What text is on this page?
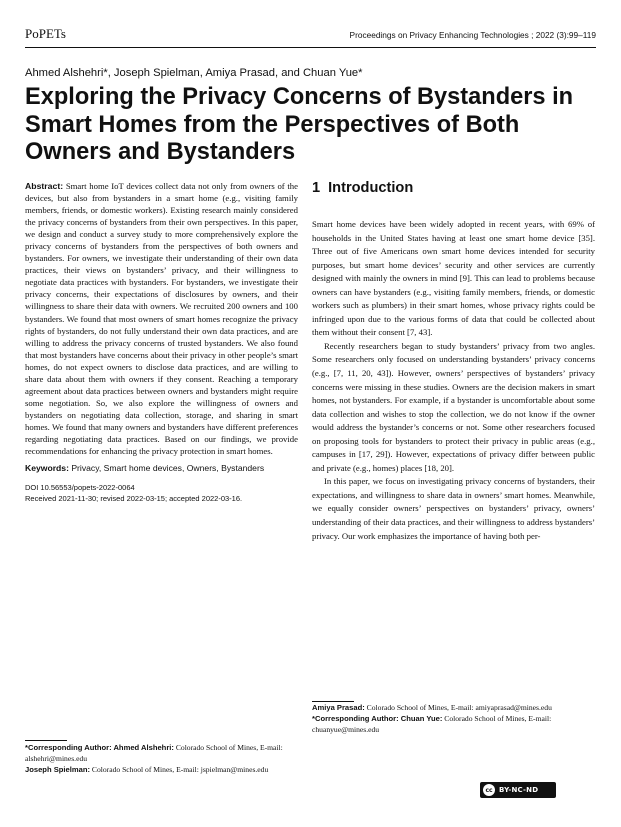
PoPETs	Proceedings on Privacy Enhancing Technologies ; 2022 (3):99–119
Ahmed Alshehri*, Joseph Spielman, Amiya Prasad, and Chuan Yue*
Exploring the Privacy Concerns of Bystanders in Smart Homes from the Perspectives of Both Owners and Bystanders

Abstract: Smart home IoT devices collect data not only from owners of the devices, but also from bystanders in a smart home (e.g., visiting family members, friends, or domestic workers). Existing research mainly considered the privacy concerns of bystanders from their own perspectives. In this paper, we design and conduct a survey study to more comprehensively explore the privacy concerns of bystanders from the perspectives of both owners and bystanders. For owners, we investigate their understanding of their own data practices, their views on bystanders’ privacy, and their willingness to negotiate data practices with bystanders. For bystanders, we investigate their privacy concerns, their expectations of disclosures by owners, and their willingness to share their data with owners. We recruited 200 owners and 100 bystanders. We found that most owners of smart homes recognize the privacy rights of bystanders, do not fully understand their own data practices, and are willing to address the privacy concerns of trusted bystanders. We also found that most bystanders have concerns about their privacy in other people’s smart homes, do not expect owners to disclose data practices, and are willing to share data about them with owners if they consent. Reaching a temporary agreement about data practices between owners and bystanders might require some negotiation. So, we also explore the willingness of owners and bystanders on negotiating data collection, storage, and sharing in smart homes. We found that many owners and bystanders have different preferences regarding negotiating data practices. Based on our findings, we provide recommendations for enhancing the privacy protection in smart homes.

Keywords: Privacy, Smart home devices, Owners, Bystanders

DOI 10.56553/popets-2022-0064
Received 2021-11-30; revised 2022-03-15; accepted 2022-03-16.
1 Introduction

Smart home devices have been widely adopted in recent years, with 69% of households in the United States having at least one smart home device [35]. Three out of five Americans own smart home devices intended for security purposes, but smart home devices’ security and other services are currently designed with mainly the owners in mind [9]. This can lead to problems because owners can have bystanders (e.g., visiting family members, friends, or domestic workers such as plumbers) in their smart homes, whose privacy rights could be infringed upon due to the various forms of data that could be collected about them without their consent [7, 43].

Recently researchers began to study bystanders’ privacy from two angles. Some researchers only focused on understanding bystanders’ privacy concerns (e.g., [7, 11, 20, 43]). However, owners’ perspectives of bystanders’ privacy concerns were missing in these studies. Owners are the decision makers in smart homes, not bystanders. For example, if a bystander is uncomfortable about some data collection and wishes to stop the collection, we do not know if the owner would address the bystander’s concerns or not. Some other researchers focused on proposing tools for bystanders to protect their privacy in public areas (e.g., campuses in [17, 29]). However, expectations of privacy differ between public and private (e.g., homes) places [18, 20].

In this paper, we focus on investigating privacy concerns of bystanders, their expectations, and willingness to share data in owners’ smart homes. Meanwhile, we equally consider owners’ perspectives on bystanders’ privacy, owners’ understanding of their data practices, and their willingness to address bystanders’ privacy. Our work emphasizes the importance of having both per-

*Corresponding Author: Ahmed Alshehri: Colorado School of Mines, E-mail: alshehri@mines.edu

Joseph Spielman: Colorado School of Mines, E-mail: jspielman@mines.edu

Amiya Prasad: Colorado School of Mines, E-mail: amiyaprasad@mines.edu

*Corresponding Author: Chuan Yue: Colorado School of Mines, E-mail: chuanyue@mines.edu

cc BY-NC-ND
